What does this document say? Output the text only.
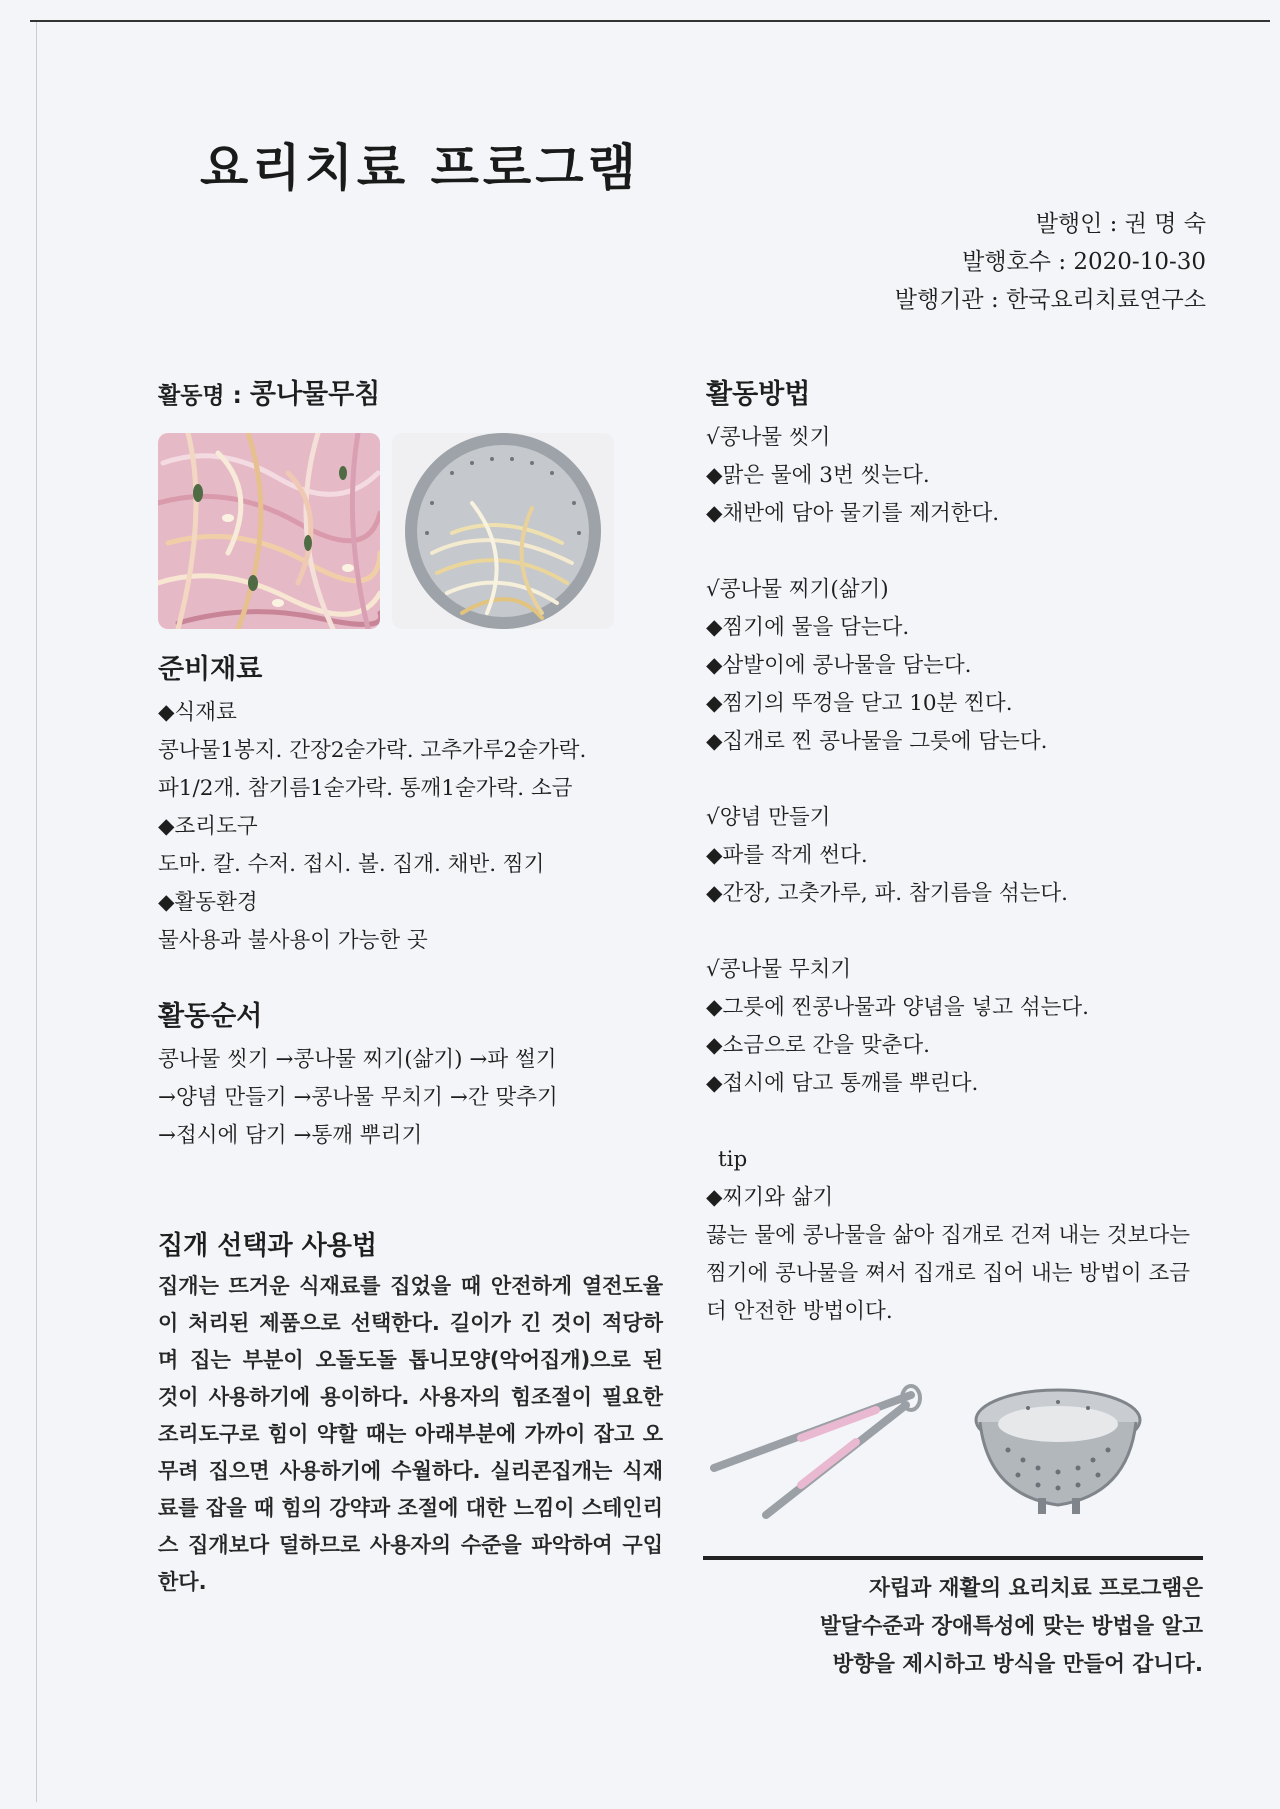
요리치료 프로그램
발행인 : 권 명 숙
발행호수 : 2020-10-30
발행기관 : 한국요리치료연구소

활동명 : 콩나물무침

준비재료
◆식재료
콩나물1봉지. 간장2숟가락. 고추가루2숟가락.
파1/2개. 참기름1숟가락. 통깨1숟가락. 소금
◆조리도구
도마. 칼. 수저. 접시. 볼. 집개. 채반. 찜기
◆활동환경
물사용과 불사용이 가능한 곳
활동순서
콩나물 씻기 →콩나물 찌기(삶기) →파 썰기
→양념 만들기 →콩나물 무치기 →간 맞추기
→접시에 담기 →통깨 뿌리기
집개 선택과 사용법
집개는 뜨거운 식재료를 집었을 때 안전하게 열전도율이 처리된 제품으로 선택한다. 길이가 긴 것이 적당하며 집는 부분이 오돌도돌 톱니모양(악어집개)으로 된 것이 사용하기에 용이하다. 사용자의 힘조절이 필요한 조리도구로 힘이 약할 때는 아래부분에 가까이 잡고 오무려 집으면 사용하기에 수월하다. 실리콘집개는 식재료를 잡을 때 힘의 강약과 조절에 대한 느낌이 스테인리스 집개보다 덜하므로 사용자의 수준을 파악하여 구입한다.
활동방법
√콩나물 씻기
◆맑은 물에 3번 씻는다.
◆채반에 담아 물기를 제거한다.
√콩나물 찌기(삶기)
◆찜기에 물을 담는다.
◆삼발이에 콩나물을 담는다.
◆찜기의 뚜껑을 닫고 10분 찐다.
◆집개로 찐 콩나물을 그릇에 담는다.
√양념 만들기
◆파를 작게 썬다.
◆간장, 고춧가루, 파. 참기름을 섞는다.
√콩나물 무치기
◆그릇에 찐콩나물과 양념을 넣고 섞는다.
◆소금으로 간을 맞춘다.
◆접시에 담고 통깨를 뿌린다.
tip
◆찌기와 삶기
끓는 물에 콩나물을 삶아 집개로 건져 내는 것보다는 찜기에 콩나물을 쪄서 집개로 집어 내는 방법이 조금 더 안전한 방법이다.
자립과 재활의 요리치료 프로그램은
발달수준과 장애특성에 맞는 방법을 알고
방향을 제시하고 방식을 만들어 갑니다.
